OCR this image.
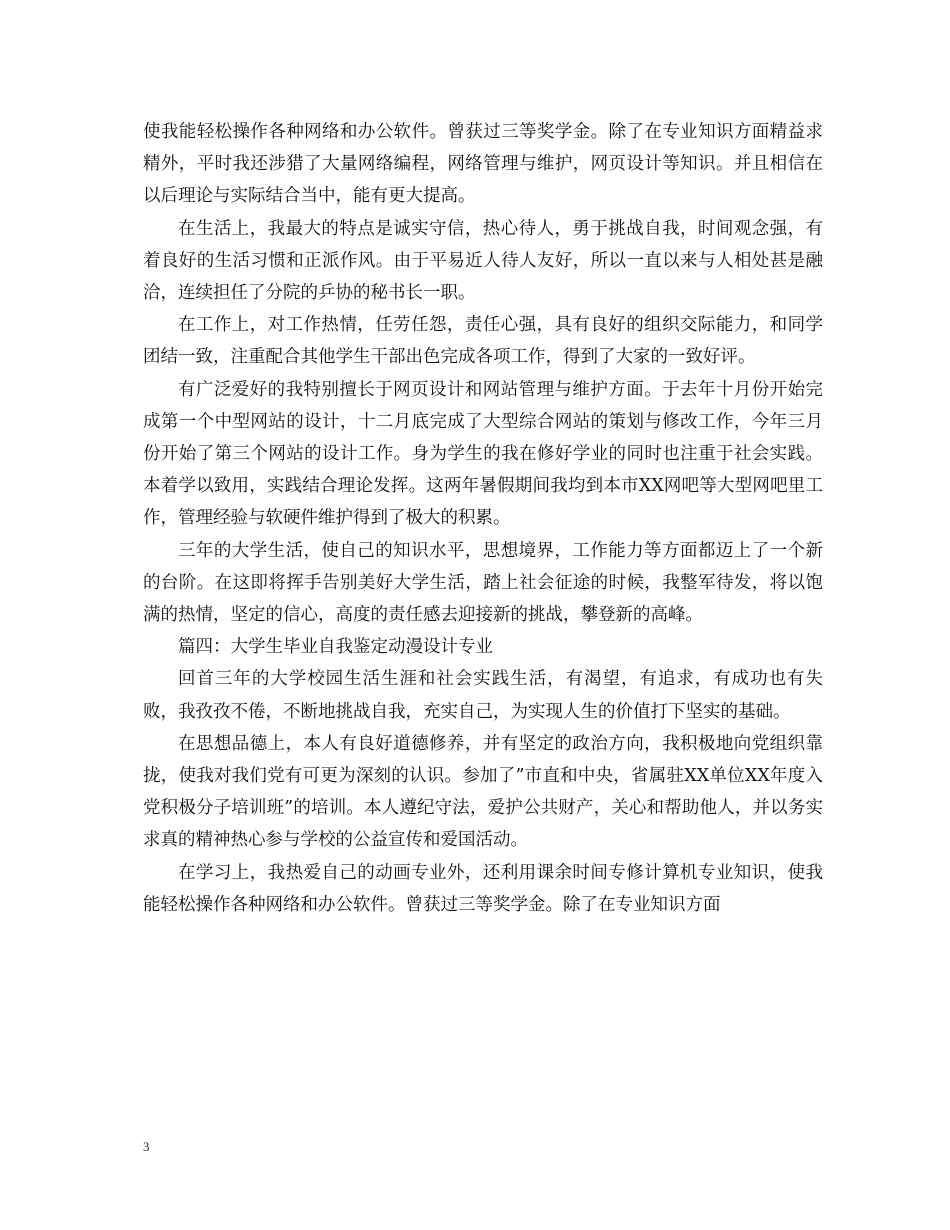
使我能轻松操作各种网络和办公软件。曾获过三等奖学金。除了在专业知识方面精益求精外，平时我还涉猎了大量网络编程，网络管理与维护，网页设计等知识。并且相信在以后理论与实际结合当中，能有更大提高。

在生活上，我最大的特点是诚实守信，热心待人，勇于挑战自我，时间观念强，有着良好的生活习惯和正派作风。由于平易近人待人友好，所以一直以来与人相处甚是融洽，连续担任了分院的乒协的秘书长一职。

在工作上，对工作热情，任劳任怨，责任心强，具有良好的组织交际能力，和同学团结一致，注重配合其他学生干部出色完成各项工作，得到了大家的一致好评。

有广泛爱好的我特别擅长于网页设计和网站管理与维护方面。于去年十月份开始完成第一个中型网站的设计，十二月底完成了大型综合网站的策划与修改工作，今年三月份开始了第三个网站的设计工作。身为学生的我在修好学业的同时也注重于社会实践。本着学以致用，实践结合理论发挥。这两年暑假期间我均到本市XX网吧等大型网吧里工作，管理经验与软硬件维护得到了极大的积累。

三年的大学生活，使自己的知识水平，思想境界，工作能力等方面都迈上了一个新的台阶。在这即将挥手告别美好大学生活，踏上社会征途的时候，我整军待发，将以饱满的热情，坚定的信心，高度的责任感去迎接新的挑战，攀登新的高峰。

篇四：大学生毕业自我鉴定动漫设计专业

回首三年的大学校园生活生涯和社会实践生活，有渴望，有追求，有成功也有失败，我孜孜不倦，不断地挑战自我，充实自己，为实现人生的价值打下坚实的基础。

在思想品德上，本人有良好道德修养，并有坚定的政治方向，我积极地向党组织靠拢，使我对我们党有可更为深刻的认识。参加了”市直和中央，省属驻XX单位XX年度入党积极分子培训班”的培训。本人遵纪守法，爱护公共财产，关心和帮助他人，并以务实求真的精神热心参与学校的公益宣传和爱国活动。

在学习上，我热爱自己的动画专业外，还利用课余时间专修计算机专业知识，使我能轻松操作各种网络和办公软件。曾获过三等奖学金。除了在专业知识方面

3
